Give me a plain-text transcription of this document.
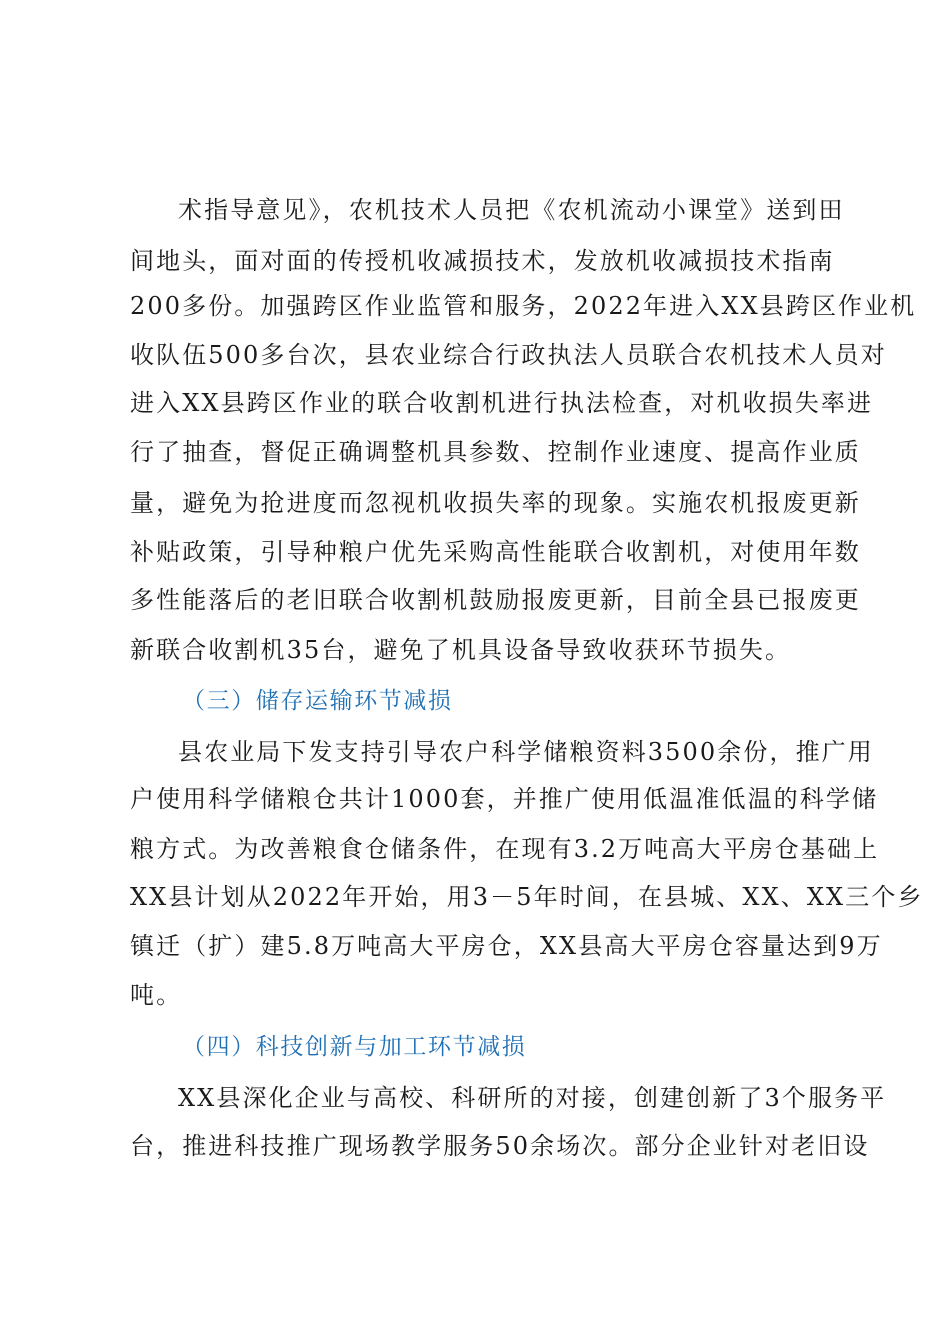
术指导意见》，农机技术人员把《农机流动小课堂》送到田
间地头，面对面的传授机收减损技术，发放机收减损技术指南
200多份。加强跨区作业监管和服务，2022年进入XX县跨区作业机
收队伍500多台次，县农业综合行政执法人员联合农机技术人员对
进入XX县跨区作业的联合收割机进行执法检查，对机收损失率进
行了抽查，督促正确调整机具参数、控制作业速度、提高作业质
量，避免为抢进度而忽视机收损失率的现象。实施农机报废更新
补贴政策，引导种粮户优先采购高性能联合收割机，对使用年数
多性能落后的老旧联合收割机鼓励报废更新，目前全县已报废更
新联合收割机35台，避免了机具设备导致收获环节损失。
（三）储存运输环节减损
县农业局下发支持引导农户科学储粮资料3500余份，推广用
户使用科学储粮仓共计1000套，并推广使用低温准低温的科学储
粮方式。为改善粮食仓储条件，在现有3.2万吨高大平房仓基础上
XX县计划从2022年开始，用3－5年时间，在县城、XX、XX三个乡
镇迁（扩）建5.8万吨高大平房仓，XX县高大平房仓容量达到9万
吨。
（四）科技创新与加工环节减损
XX县深化企业与高校、科研所的对接，创建创新了3个服务平
台，推进科技推广现场教学服务50余场次。部分企业针对老旧设
